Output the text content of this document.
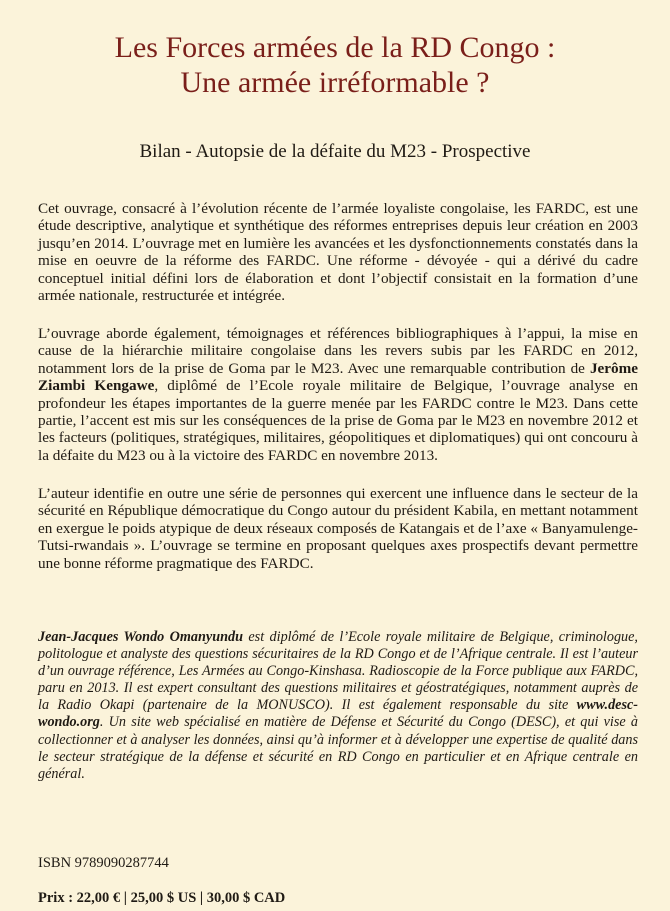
Les Forces armées de la RD Congo :
Une armée irréformable ?

Bilan - Autopsie de la défaite du M23 - Prospective

Cet ouvrage, consacré à l’évolution récente de l’armée loyaliste congolaise, les FARDC, est une étude descriptive, analytique et synthétique des réformes entreprises depuis leur création en 2003 jusqu’en 2014. L’ouvrage met en lumière les avancées et les dysfonctionnements constatés dans la mise en oeuvre de la réforme des FARDC. Une réforme - dévoyée - qui a dérivé du cadre conceptuel initial défini lors de élaboration et dont l’objectif consistait en la formation d’une armée nationale, restructurée et intégrée.

L’ouvrage aborde également, témoignages et références bibliographiques à l’appui, la mise en cause de la hiérarchie militaire congolaise dans les revers subis par les FARDC en 2012, notamment lors de la prise de Goma par le M23. Avec une remarquable contribution de Jerôme Ziambi Kengawe, diplômé de l’Ecole royale militaire de Belgique, l’ouvrage analyse en profondeur les étapes importantes de la guerre menée par les FARDC contre le M23. Dans cette partie, l’accent est mis sur les conséquences de la prise de Goma par le M23 en novembre 2012 et les facteurs (politiques, stratégiques, militaires, géopolitiques et diplomatiques) qui ont concouru à la défaite du M23 ou à la victoire des FARDC en novembre 2013.

L’auteur identifie en outre une série de personnes qui exercent une influence dans le secteur de la sécurité en République démocratique du Congo autour du président Kabila, en mettant notamment en exergue le poids atypique de deux réseaux composés de Katangais et de l’axe « Banyamulenge-Tutsi-rwandais ». L’ouvrage se termine en proposant quelques axes prospectifs devant permettre une bonne réforme pragmatique des FARDC.

Jean-Jacques Wondo Omanyundu est diplômé de l’Ecole royale militaire de Belgique, criminologue, politologue et analyste des questions sécuritaires de la RD Congo et de l’Afrique centrale. Il est l’auteur d’un ouvrage référence, Les Armées au Congo-Kinshasa. Radioscopie de la Force publique aux FARDC, paru en 2013. Il est expert consultant des questions militaires et géostratégiques, notamment auprès de la Radio Okapi (partenaire de la MONUSCO). Il est également responsable du site www.desc-wondo.org. Un site web spécialisé en matière de Défense et Sécurité du Congo (DESC), et qui vise à collectionner et à analyser les données, ainsi qu’à informer et à développer une expertise de qualité dans le secteur stratégique de la défense et sécurité en RD Congo en particulier et en Afrique centrale en général.

ISBN 9789090287744

Prix : 22,00 € | 25,00 $ US | 30,00 $ CAD
